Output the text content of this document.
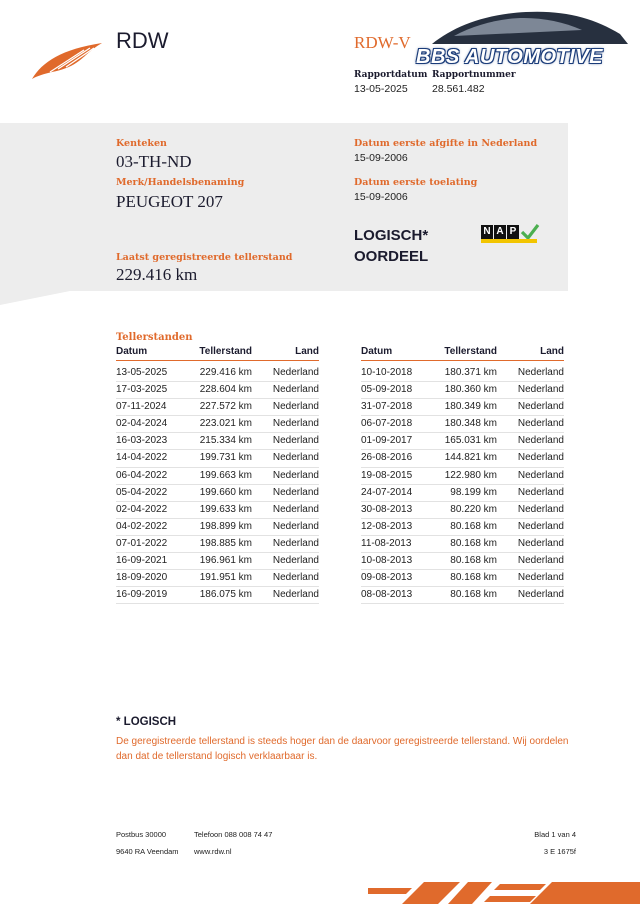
RDW	RDW-V
BBS AUTOMOTIVE
Rapportdatum Rapportnummer
13-05-2025 28.561.482
Kenteken
03-TH-ND
Merk/Handelsbenaming
PEUGEOT 207
Laatst geregistreerde tellerstand
229.416 km
Datum eerste afgifte in Nederland
15-09-2006
Datum eerste toelating
15-09-2006
LOGISCH*
OORDEEL
N A P
Tellerstanden
Datum	Tellerstand	Land
13-05-2025	229.416 km	Nederland
17-03-2025	228.604 km	Nederland
07-11-2024	227.572 km	Nederland
02-04-2024	223.021 km	Nederland
16-03-2023	215.334 km	Nederland
14-04-2022	199.731 km	Nederland
06-04-2022	199.663 km	Nederland
05-04-2022	199.660 km	Nederland
02-04-2022	199.633 km	Nederland
04-02-2022	198.899 km	Nederland
07-01-2022	198.885 km	Nederland
16-09-2021	196.961 km	Nederland
18-09-2020	191.951 km	Nederland
16-09-2019	186.075 km	Nederland
Datum	Tellerstand	Land
10-10-2018	180.371 km	Nederland
05-09-2018	180.360 km	Nederland
31-07-2018	180.349 km	Nederland
06-07-2018	180.348 km	Nederland
01-09-2017	165.031 km	Nederland
26-08-2016	144.821 km	Nederland
19-08-2015	122.980 km	Nederland
24-07-2014	98.199 km	Nederland
30-08-2013	80.220 km	Nederland
12-08-2013	80.168 km	Nederland
11-08-2013	80.168 km	Nederland
10-08-2013	80.168 km	Nederland
09-08-2013	80.168 km	Nederland
08-08-2013	80.168 km	Nederland
* LOGISCH
De geregistreerde tellerstand is steeds hoger dan de daarvoor geregistreerde tellerstand. Wij oordelen dan dat de tellerstand logisch verklaarbaar is.
Postbus 30000
9640 RA Veendam
Telefoon 088 008 74 47
www.rdw.nl
Blad 1 van 4
3 E 1675f
